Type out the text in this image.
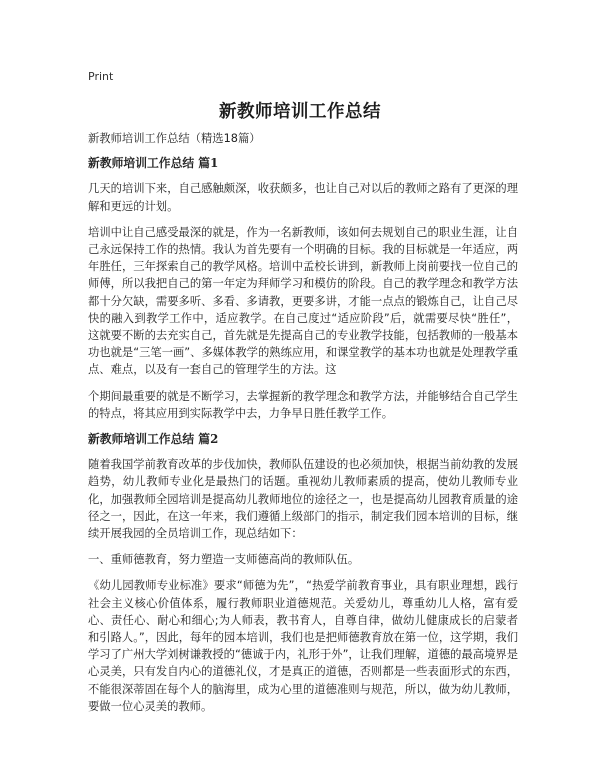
Print
新教师培训工作总结
新教师培训工作总结（精选18篇）
新教师培训工作总结 篇1

几天的培训下来，自己感触颇深，收获颇多，也让自己对以后的教师之路有了更深的理解和更远的计划。

培训中让自己感受最深的就是，作为一名新教师，该如何去规划自己的职业生涯，让自己永远保持工作的热情。我认为首先要有一个明确的目标。我的目标就是一年适应，两年胜任，三年探索自己的教学风格。培训中孟校长讲到，新教师上岗前要找一位自己的师傅，所以我把自己的第一年定为拜师学习和模仿的阶段。自己的教学理念和教学方法都十分欠缺，需要多听、多看、多请教，更要多讲，才能一点点的锻炼自己，让自己尽快的融入到教学工作中，适应教学。在自己度过“适应阶段”后，就需要尽快“胜任”，这就要不断的去充实自己，首先就是先提高自己的专业教学技能，包括教师的一般基本功也就是“三笔一画”、多媒体教学的熟练应用，和课堂教学的基本功也就是处理教学重点、难点，以及有一套自己的管理学生的方法。这

个期间最重要的就是不断学习，去掌握新的教学理念和教学方法，并能够结合自己学生的特点，将其应用到实际教学中去，力争早日胜任教学工作。

新教师培训工作总结 篇2

随着我国学前教育改革的步伐加快，教师队伍建设的也必须加快，根据当前幼教的发展趋势，幼儿教师专业化是最热门的话题。重视幼儿教师素质的提高，使幼儿教师专业化，加强教师全园培训是提高幼儿教师地位的途径之一，也是提高幼儿园教育质量的途径之一，因此，在这一年来，我们遵循上级部门的指示，制定我们园本培训的目标，继续开展我园的全员培训工作，现总结如下：

一、重师德教育，努力塑造一支师德高尚的教师队伍。

《幼儿园教师专业标准》要求“师德为先”，“热爱学前教育事业，具有职业理想，践行社会主义核心价值体系，履行教师职业道德规范。关爱幼儿，尊重幼儿人格，富有爱心、责任心、耐心和细心;为人师表，教书育人，自尊自律，做幼儿健康成长的启蒙者和引路人。”，因此，每年的园本培训，我们也是把师德教育放在第一位，这学期，我们学习了广州大学刘树谦教授的“德诚于内，礼形于外”，让我们理解，道德的最高境界是心灵美，只有发自内心的道德礼仪，才是真正的道德，否则都是一些表面形式的东西，不能很深蒂固在每个人的脑海里，成为心里的道德准则与规范，所以，做为幼儿教师，要做一位心灵美的教师。
